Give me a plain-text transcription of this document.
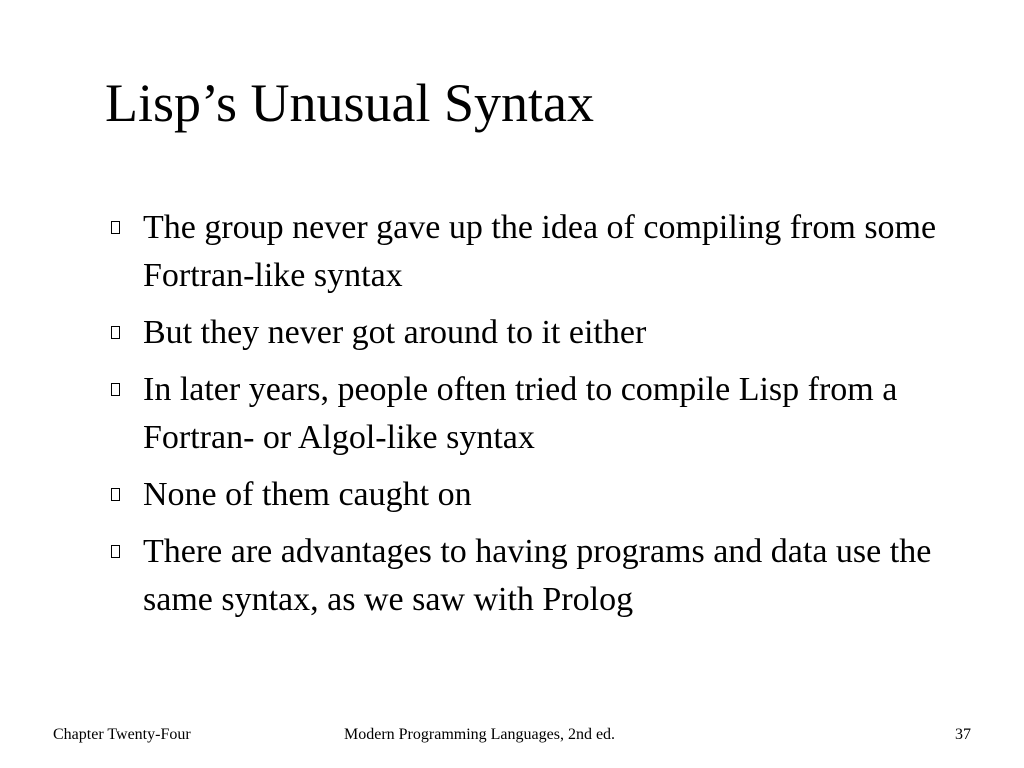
Lisp’s Unusual Syntax
The group never gave up the idea of compiling from some Fortran-like syntax
But they never got around to it either
In later years, people often tried to compile Lisp from a Fortran- or Algol-like syntax
None of them caught on
There are advantages to having programs and data use the same syntax, as we saw with Prolog
Chapter Twenty-Four	Modern Programming Languages, 2nd ed.	37
